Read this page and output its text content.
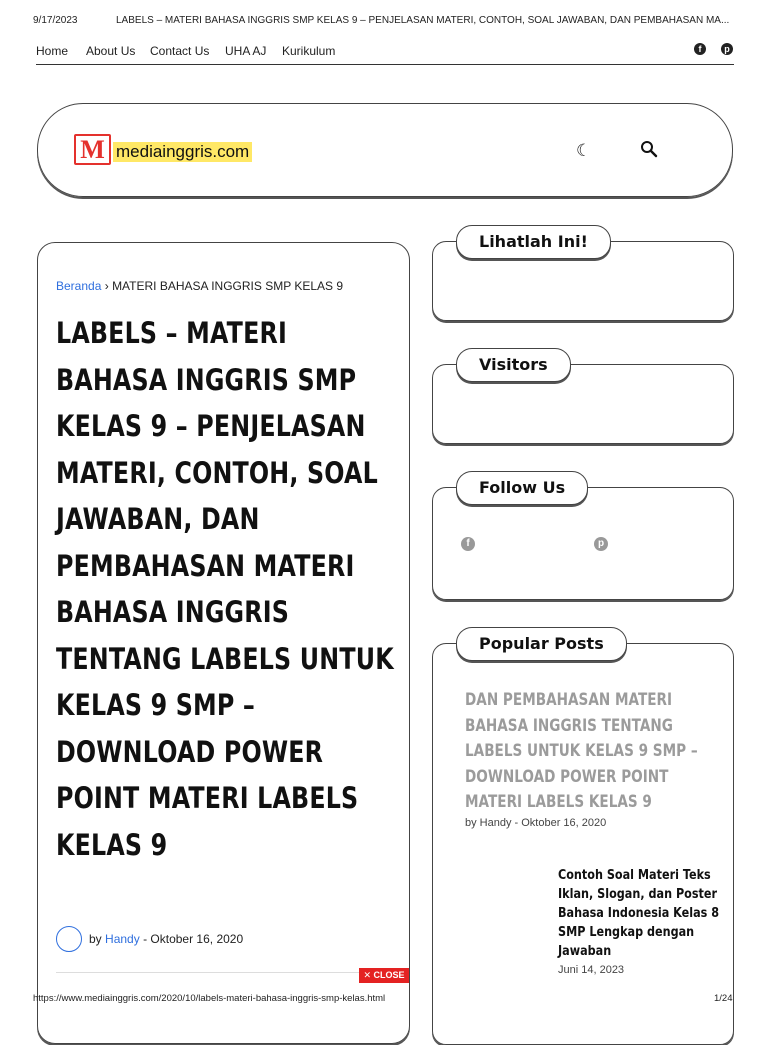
9/17/2023	LABELS – MATERI BAHASA INGGRIS SMP KELAS 9 – PENJELASAN MATERI, CONTOH, SOAL JAWABAN, DAN PEMBAHASAN MA...
Home About Us Contact Us UHA AJ Kurikulum	f	p
M mediainggris.com	☾
Beranda › MATERI BAHASA INGGRIS SMP KELAS 9
LABELS – MATERI BAHASA INGGRIS SMP KELAS 9 – PENJELASAN MATERI, CONTOH, SOAL JAWABAN, DAN PEMBAHASAN MATERI BAHASA INGGRIS TENTANG LABELS UNTUK KELAS 9 SMP – DOWNLOAD POWER POINT MATERI LABELS KELAS 9
by Handy - Oktober 16, 2020
✕ CLOSE
Lihatlah Ini!
Visitors
Follow Us
f	p
Popular Posts
DAN PEMBAHASAN MATERI BAHASA INGGRIS TENTANG LABELS UNTUK KELAS 9 SMP – DOWNLOAD POWER POINT MATERI LABELS KELAS 9
by Handy - Oktober 16, 2020
Contoh Soal Materi Teks Iklan, Slogan, dan Poster Bahasa Indonesia Kelas 8 SMP Lengkap dengan Jawaban
Juni 14, 2023
https://www.mediainggris.com/2020/10/labels-materi-bahasa-inggris-smp-kelas.html	1/24
